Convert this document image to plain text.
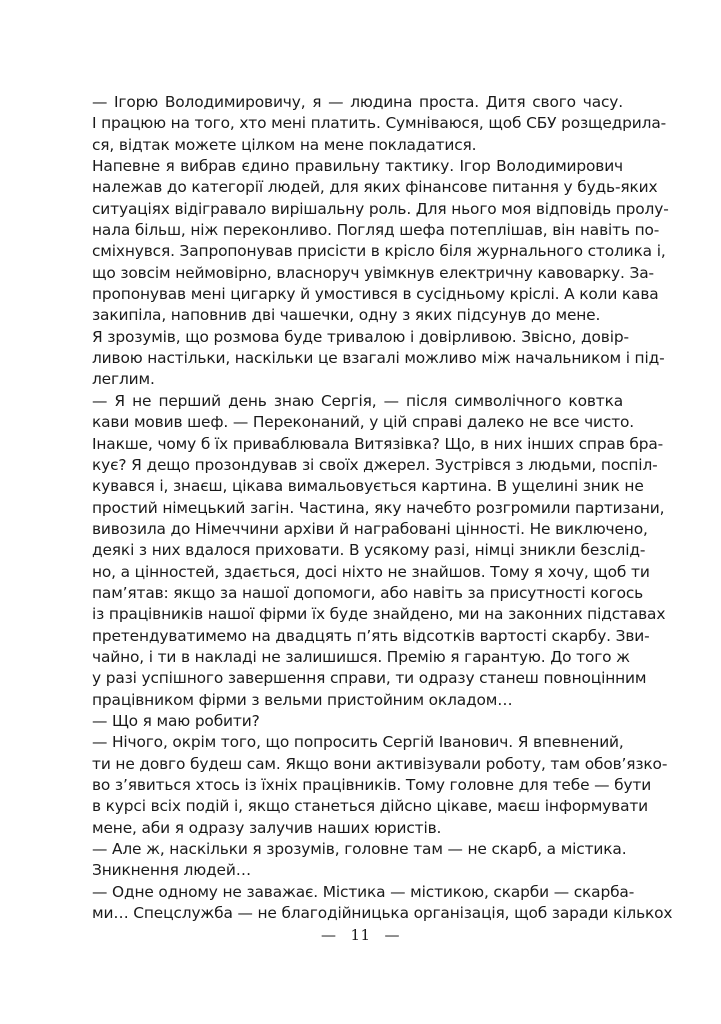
— Ігорю Володимировичу, я — людина проста. Дитя свого часу.
І працюю на того, хто мені платить. Сумніваюся, щоб СБУ розщедрила-
ся, відтак можете цілком на мене покладатися.
Напевне я вибрав єдино правильну тактику. Ігор Володимирович
належав до категорії людей, для яких фінансове питання у будь-яких
ситуаціях відігравало вирішальну роль. Для нього моя відповідь пролу-
нала більш, ніж переконливо. Погляд шефа потеплішав, він навіть по-
сміхнувся. Запропонував присісти в крісло біля журнального столика і,
що зовсім неймовірно, власноруч увімкнув електричну кавоварку. За-
пропонував мені цигарку й умостився в сусідньому кріслі. А коли кава
закипіла, наповнив дві чашечки, одну з яких підсунув до мене.
Я зрозумів, що розмова буде тривалою і довірливою. Звісно, довір-
ливою настільки, наскільки це взагалі можливо між начальником і під-
леглим.
— Я не перший день знаю Сергія, — після символічного ковтка
кави мовив шеф. — Переконаний, у цій справі далеко не все чисто.
Інакше, чому б їх приваблювала Витязівка? Що, в них інших справ бра-
кує? Я дещо прозондував зі своїх джерел. Зустрівся з людьми, поспіл-
кувався і, знаєш, цікава вимальовується картина. В ущелині зник не
простий німецький загін. Частина, яку начебто розгромили партизани,
вивозила до Німеччини архіви й награбовані цінності. Не виключено,
деякі з них вдалося приховати. В усякому разі, німці зникли безслід-
но, а цінностей, здається, досі ніхто не знайшов. Тому я хочу, щоб ти
пам’ятав: якщо за нашої допомоги, або навіть за присутності когось
із працівників нашої фірми їх буде знайдено, ми на законних підставах
претендуватимемо на двадцять п’ять відсотків вартості скарбу. Зви-
чайно, і ти в накладі не залишишся. Премію я гарантую. До того ж
у разі успішного завершення справи, ти одразу станеш повноцінним
працівником фірми з вельми пристойним окладом…
— Що я маю робити?
— Нічого, окрім того, що попросить Сергій Іванович. Я впевнений,
ти не довго будеш сам. Якщо вони активізували роботу, там обов’язко-
во з’явиться хтось із їхніх працівників. Тому головне для тебе — бути
в курсі всіх подій і, якщо станеться дійсно цікаве, маєш інформувати
мене, аби я одразу залучив наших юристів.
— Але ж, наскільки я зрозумів, головне там — не скарб, а містика.
Зникнення людей…
— Одне одному не заважає. Містика — містикою, скарби — скарба-
ми… Спецслужба — не благодійницька організація, щоб заради кількох
— 11 —
